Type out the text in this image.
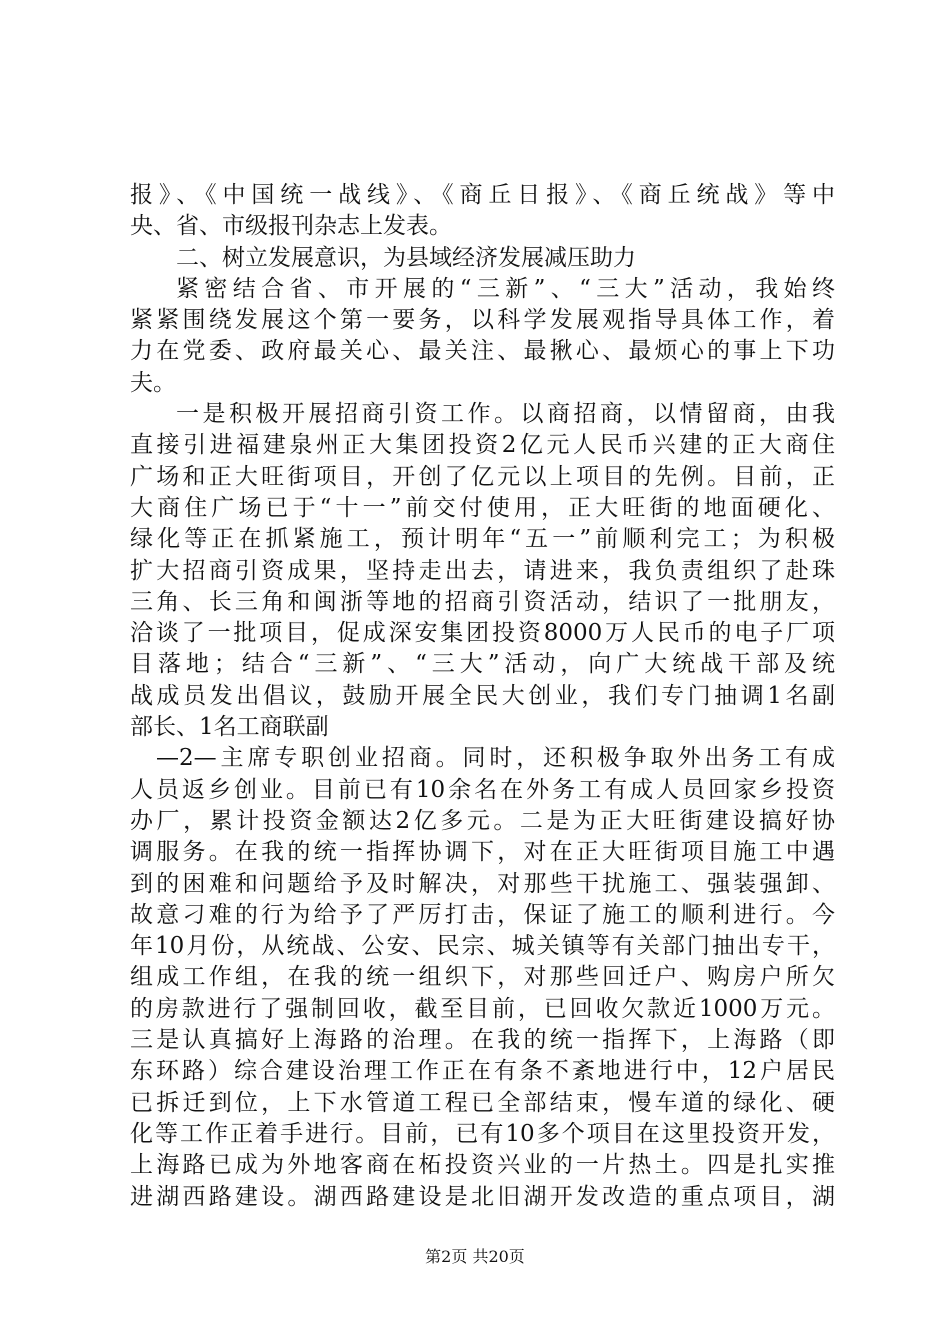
报》、《中国统一战线》、《商丘日报》、《商丘统战》等中
央、省、市级报刊杂志上发表。
二、树立发展意识，为县域经济发展减压助力
紧密结合省、市开展的“三新”、“三大”活动，我始终
紧紧围绕发展这个第一要务，以科学发展观指导具体工作，着
力在党委、政府最关心、最关注、最揪心、最烦心的事上下功
夫。
一是积极开展招商引资工作。以商招商，以情留商，由我
直接引进福建泉州正大集团投资2亿元人民币兴建的正大商住
广场和正大旺街项目，开创了亿元以上项目的先例。目前，正
大商住广场已于“十一”前交付使用，正大旺街的地面硬化、
绿化等正在抓紧施工，预计明年“五一”前顺利完工；为积极
扩大招商引资成果，坚持走出去，请进来，我负责组织了赴珠
三角、长三角和闽浙等地的招商引资活动，结识了一批朋友，
洽谈了一批项目，促成深安集团投资8000万人民币的电子厂项
目落地；结合“三新”、“三大”活动，向广大统战干部及统
战成员发出倡议，鼓励开展全民大创业，我们专门抽调1名副
部长、1名工商联副
—2—主席专职创业招商。同时，还积极争取外出务工有成
人员返乡创业。目前已有10余名在外务工有成人员回家乡投资
办厂，累计投资金额达2亿多元。二是为正大旺街建设搞好协
调服务。在我的统一指挥协调下，对在正大旺街项目施工中遇
到的困难和问题给予及时解决，对那些干扰施工、强装强卸、
故意刁难的行为给予了严厉打击，保证了施工的顺利进行。今
年10月份，从统战、公安、民宗、城关镇等有关部门抽出专干，
组成工作组，在我的统一组织下，对那些回迁户、购房户所欠
的房款进行了强制回收，截至目前，已回收欠款近1000万元。
三是认真搞好上海路的治理。在我的统一指挥下，上海路（即
东环路）综合建设治理工作正在有条不紊地进行中，12户居民
已拆迁到位，上下水管道工程已全部结束，慢车道的绿化、硬
化等工作正着手进行。目前，已有10多个项目在这里投资开发，
上海路已成为外地客商在柘投资兴业的一片热土。四是扎实推
进湖西路建设。湖西路建设是北旧湖开发改造的重点项目，湖
第2页 共20页
